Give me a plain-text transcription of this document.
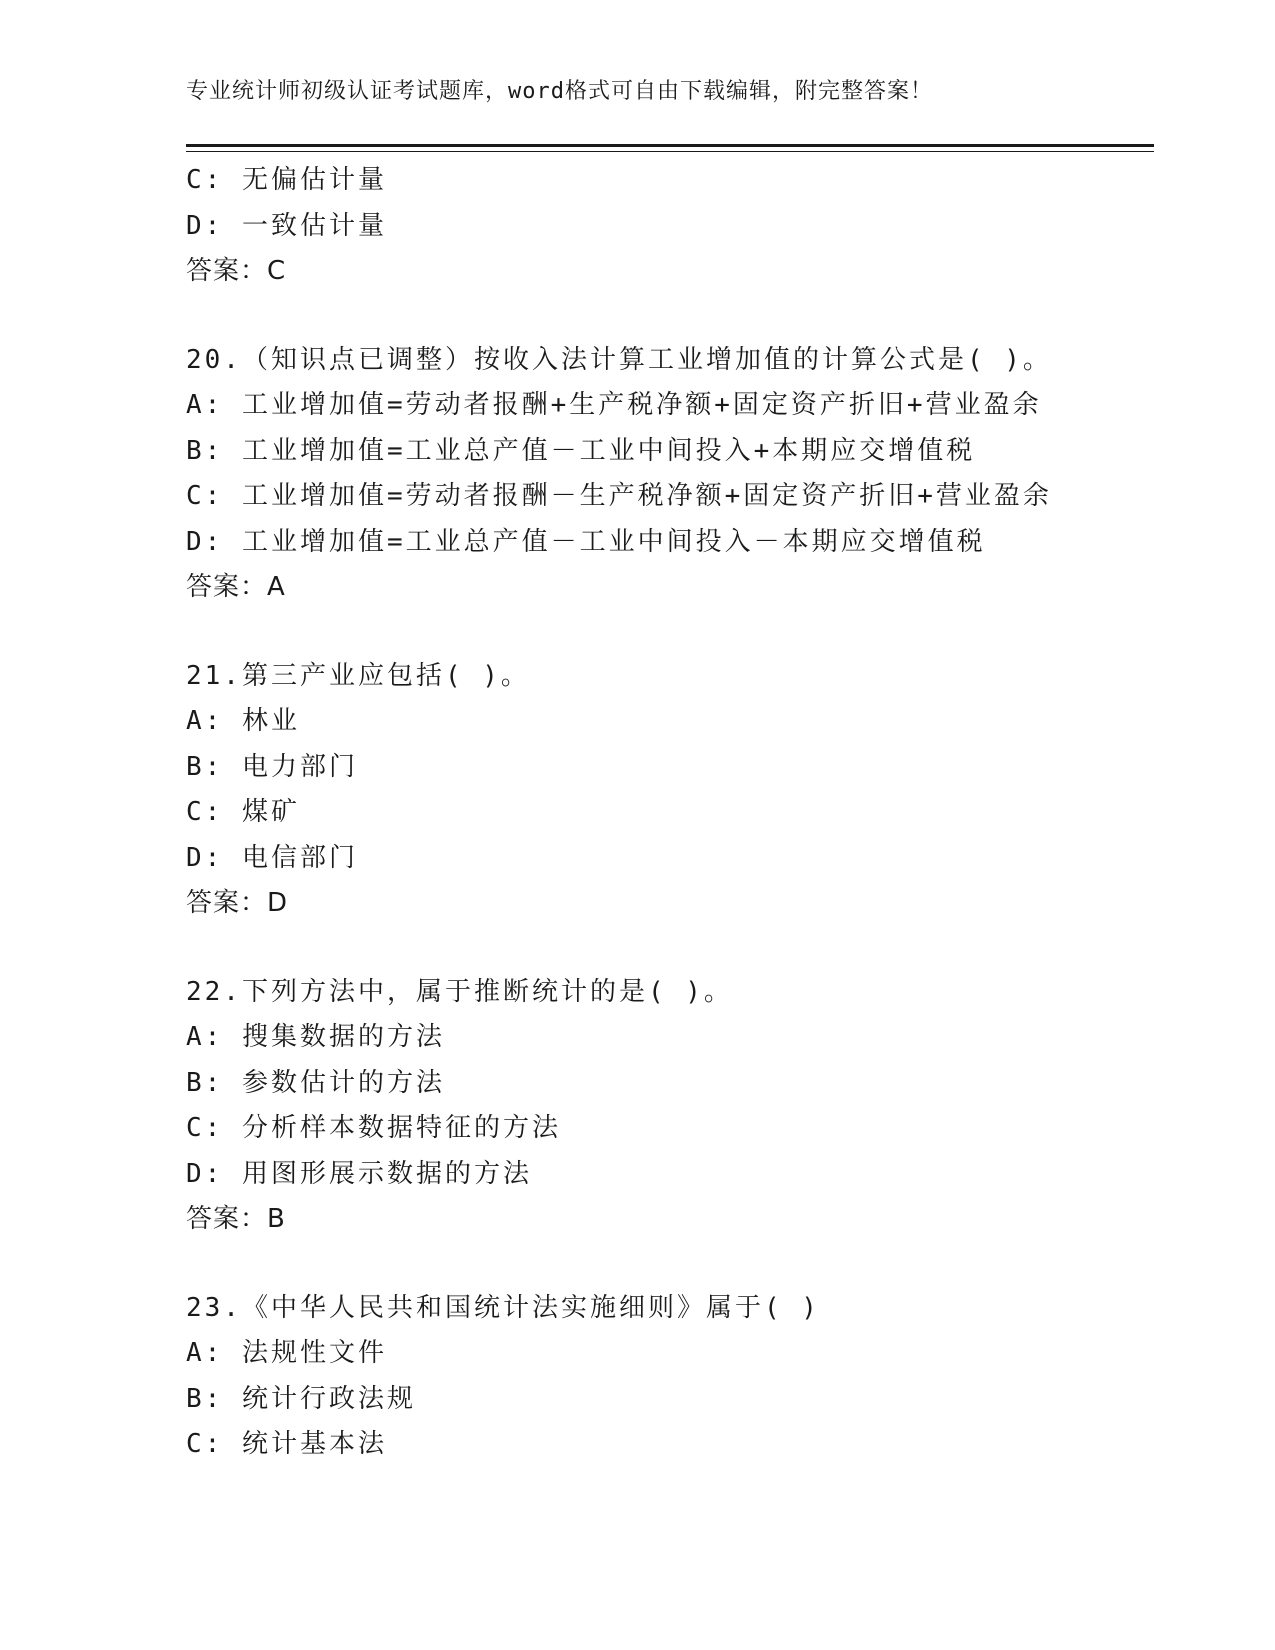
专业统计师初级认证考试题库，word格式可自由下载编辑，附完整答案！
C: 无偏估计量
D: 一致估计量
答案：C
20.（知识点已调整）按收入法计算工业增加值的计算公式是( )。
A: 工业增加值=劳动者报酬+生产税净额+固定资产折旧+营业盈余
B: 工业增加值=工业总产值－工业中间投入+本期应交增值税
C: 工业增加值=劳动者报酬－生产税净额+固定资产折旧+营业盈余
D: 工业增加值=工业总产值－工业中间投入－本期应交增值税
答案：A
21.第三产业应包括( )。
A: 林业
B: 电力部门
C: 煤矿
D: 电信部门
答案：D
22.下列方法中，属于推断统计的是( )。
A: 搜集数据的方法
B: 参数估计的方法
C: 分析样本数据特征的方法
D: 用图形展示数据的方法
答案：B
23.《中华人民共和国统计法实施细则》属于( )
A: 法规性文件
B: 统计行政法规
C: 统计基本法
